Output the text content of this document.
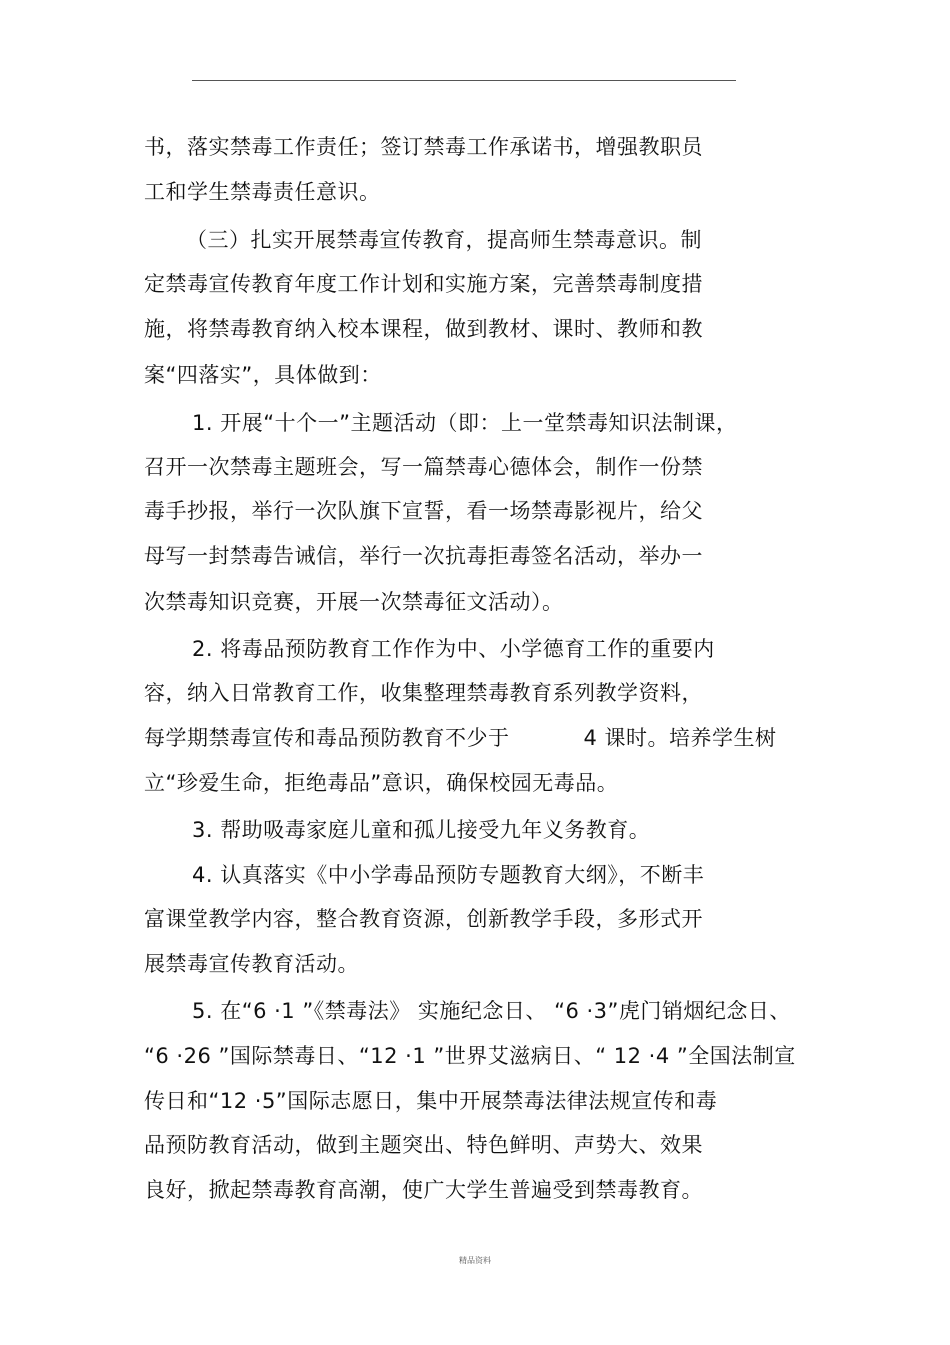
书，落实禁毒工作责任；签订禁毒工作承诺书，增强教职员
工和学生禁毒责任意识。
（三）扎实开展禁毒宣传教育，提高师生禁毒意识。制
定禁毒宣传教育年度工作计划和实施方案，完善禁毒制度措
施，将禁毒教育纳入校本课程，做到教材、课时、教师和教
案“四落实”，具体做到：
1. 开展“十个一”主题活动（即：上一堂禁毒知识法制课，
召开一次禁毒主题班会，写一篇禁毒心德体会，制作一份禁
毒手抄报，举行一次队旗下宣誓，看一场禁毒影视片，给父
母写一封禁毒告诫信，举行一次抗毒拒毒签名活动，举办一
次禁毒知识竞赛，开展一次禁毒征文活动）。
2. 将毒品预防教育工作作为中、小学德育工作的重要内
容，纳入日常教育工作，收集整理禁毒教育系列教学资料，
每学期禁毒宣传和毒品预防教育不少于	4 课时。培养学生树
立“珍爱生命，拒绝毒品”意识，确保校园无毒品。
3. 帮助吸毒家庭儿童和孤儿接受九年义务教育。
4. 认真落实《中小学毒品预防专题教育大纲》，不断丰
富课堂教学内容，整合教育资源，创新教学手段，多形式开
展禁毒宣传教育活动。
5. 在“6 ·1 ”《禁毒法》 实施纪念日、 “6 ·3”虎门销烟纪念日、
“6 ·26 ”国际禁毒日、“12 ·1 ”世界艾滋病日、“ 12 ·4 ”全国法制宣
传日和“12 ·5”国际志愿日，集中开展禁毒法律法规宣传和毒
品预防教育活动，做到主题突出、特色鲜明、声势大、效果
良好，掀起禁毒教育高潮，使广大学生普遍受到禁毒教育。
精品资料
